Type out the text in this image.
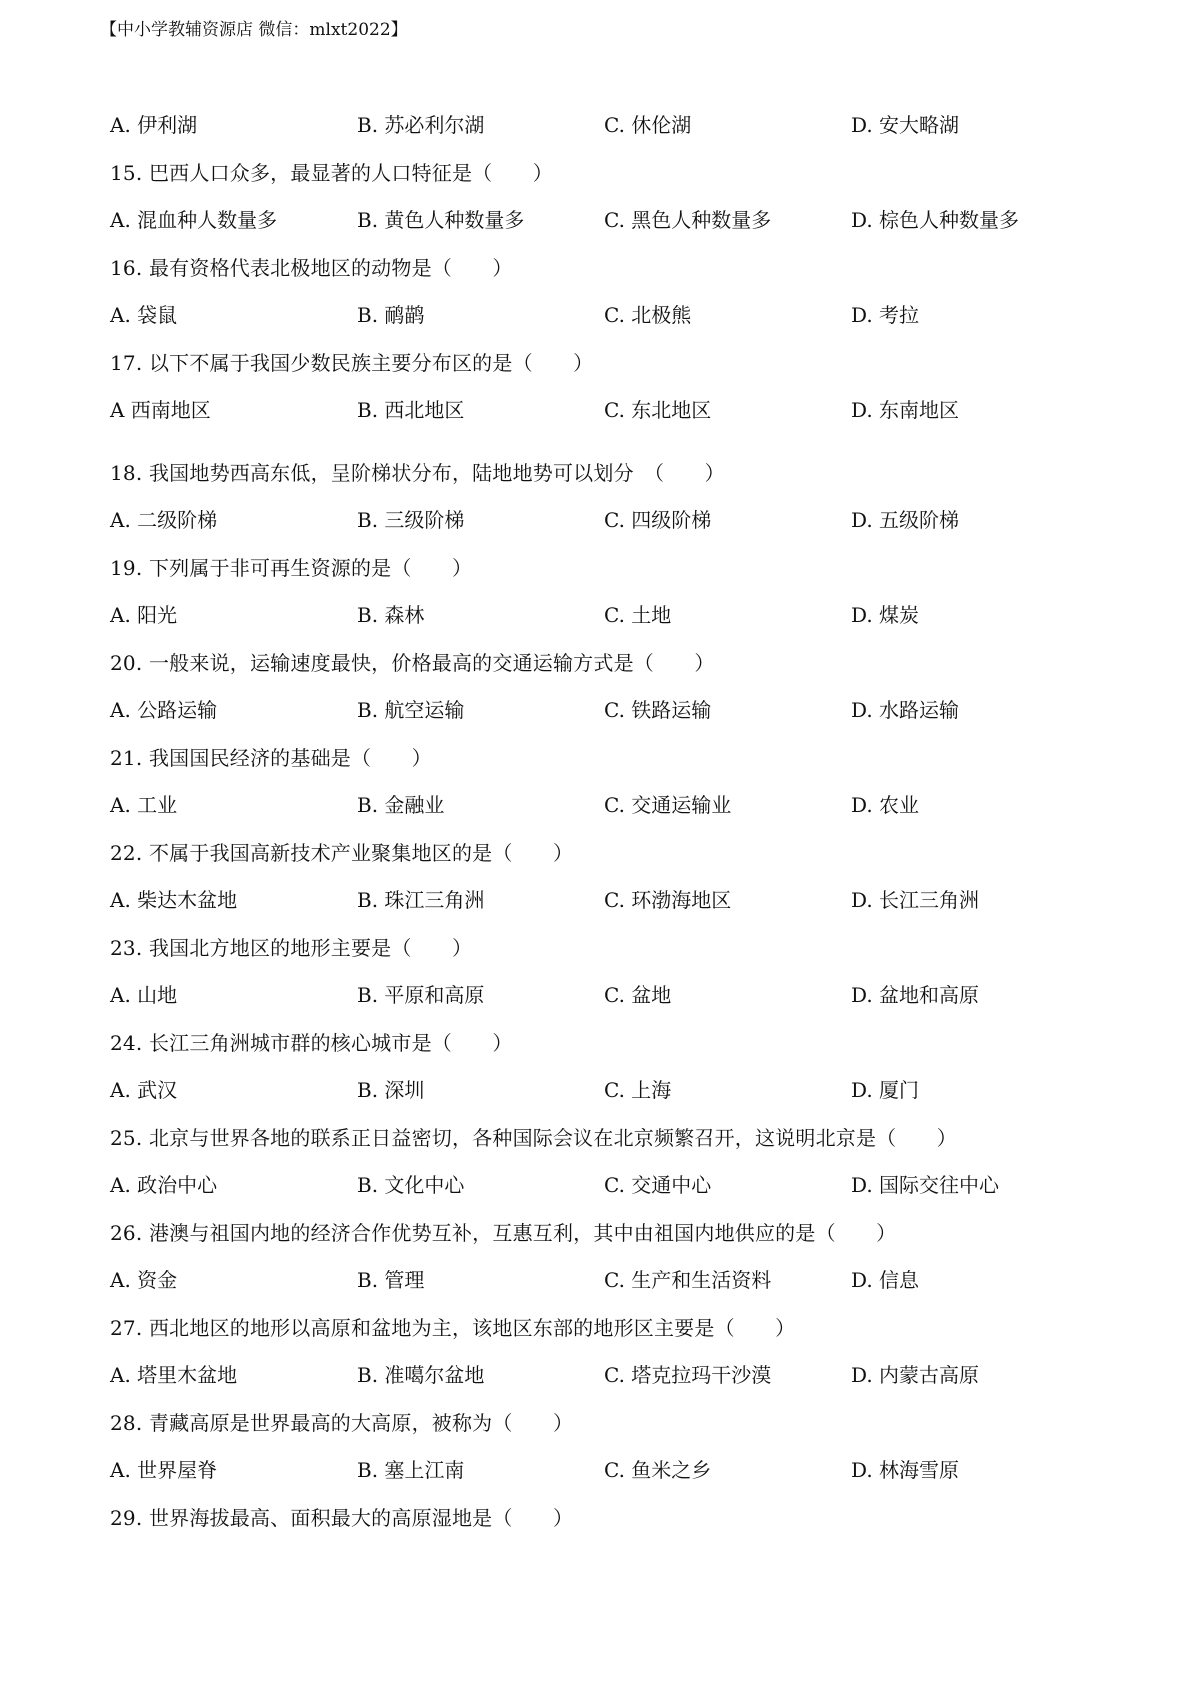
【中小学教辅资源店 微信：mlxt2022】
A. 伊利湖	B. 苏必利尔湖	C. 休伦湖	D. 安大略湖
15. 巴西人口众多，最显著的人口特征是（　　）
A. 混血种人数量多	B. 黄色人种数量多	C. 黑色人种数量多	D. 棕色人种数量多
16. 最有资格代表北极地区的动物是（　　）
A. 袋鼠	B. 鸸鹋	C. 北极熊	D. 考拉
17. 以下不属于我国少数民族主要分布区的是（　　）
A 西南地区	B. 西北地区	C. 东北地区	D. 东南地区
18. 我国地势西高东低，呈阶梯状分布，陆地地势可以划分　（　　）
A. 二级阶梯	B. 三级阶梯	C. 四级阶梯	D. 五级阶梯
19. 下列属于非可再生资源的是（　　）
A. 阳光	B. 森林	C. 土地	D. 煤炭
20. 一般来说，运输速度最快，价格最高的交通运输方式是（　　）
A. 公路运输	B. 航空运输	C. 铁路运输	D. 水路运输
21. 我国国民经济的基础是（　　）
A. 工业	B. 金融业	C. 交通运输业	D. 农业
22. 不属于我国高新技术产业聚集地区的是（　　）
A. 柴达木盆地	B. 珠江三角洲	C. 环渤海地区	D. 长江三角洲
23. 我国北方地区的地形主要是（　　）
A. 山地	B. 平原和高原	C. 盆地	D. 盆地和高原
24. 长江三角洲城市群的核心城市是（　　）
A. 武汉	B. 深圳	C. 上海	D. 厦门
25. 北京与世界各地的联系正日益密切，各种国际会议在北京频繁召开，这说明北京是（　　）
A. 政治中心	B. 文化中心	C. 交通中心	D. 国际交往中心
26. 港澳与祖国内地的经济合作优势互补，互惠互利，其中由祖国内地供应的是（　　）
A. 资金	B. 管理	C. 生产和生活资料	D. 信息
27. 西北地区的地形以高原和盆地为主，该地区东部的地形区主要是（　　）
A. 塔里木盆地	B. 准噶尔盆地	C. 塔克拉玛干沙漠	D. 内蒙古高原
28. 青藏高原是世界最高的大高原，被称为（　　）
A. 世界屋脊	B. 塞上江南	C. 鱼米之乡	D. 林海雪原
29. 世界海拔最高、面积最大的高原湿地是（　　）
